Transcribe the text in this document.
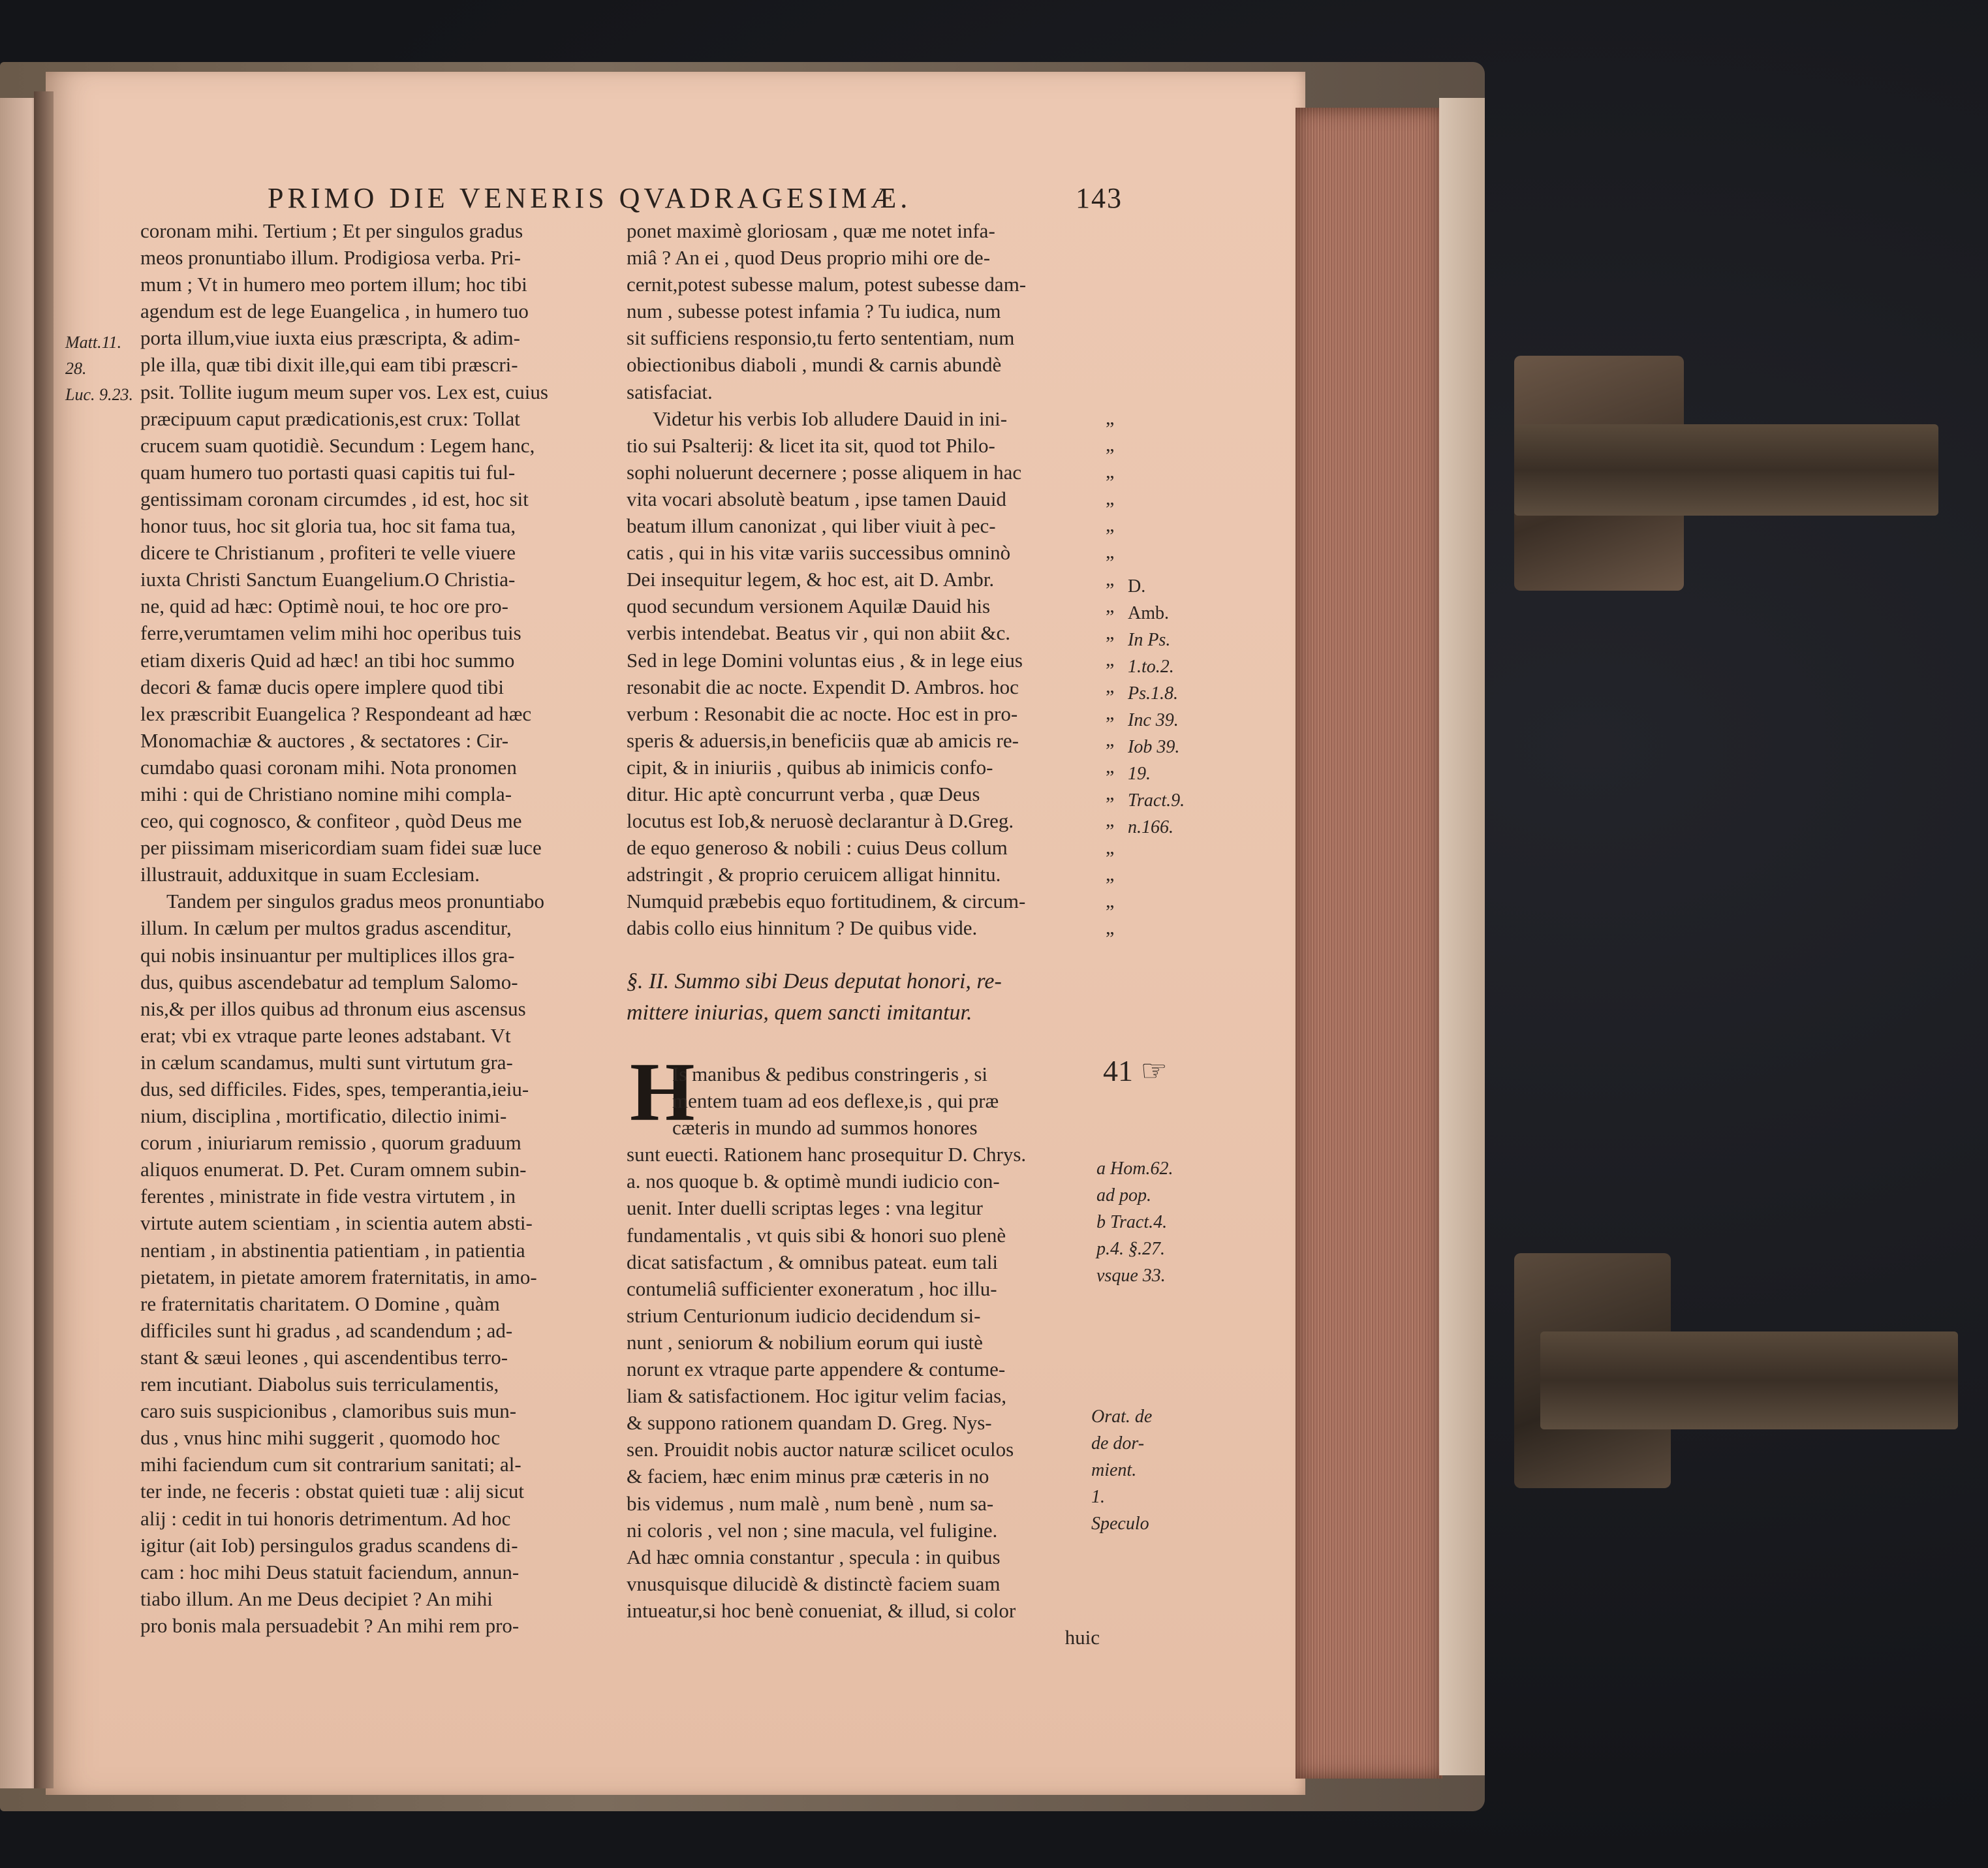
PRIMO DIE VENERIS QVADRAGESIMÆ.	143

Matt.11.

28.

Luc. 9.23.

coronam mihi. Tertium ; Et per singulos gradus

meos pronuntiabo illum. Prodigiosa verba. Pri-

mum ; Vt in humero meo portem illum; hoc tibi

agendum est de lege Euangelica , in humero tuo

porta illum,viue iuxta eius præscripta, & adim-

ple illa, quæ tibi dixit ille,qui eam tibi præscri-

psit. Tollite iugum meum super vos. Lex est, cuius

præcipuum caput prædicationis,est crux: Tollat

crucem suam quotidiè. Secundum : Legem hanc,

quam humero tuo portasti quasi capitis tui ful-

gentissimam coronam circumdes , id est, hoc sit

honor tuus, hoc sit gloria tua, hoc sit fama tua,

dicere te Christianum , profiteri te velle viuere

iuxta Christi Sanctum Euangelium.O Christia-

ne, quid ad hæc: Optimè noui, te hoc ore pro-

ferre,verumtamen velim mihi hoc operibus tuis

etiam dixeris Quid ad hæc! an tibi hoc summo

decori & famæ ducis opere implere quod tibi

lex præscribit Euangelica ? Respondeant ad hæc

Monomachiæ & auctores , & sectatores : Cir-

cumdabo quasi coronam mihi. Nota pronomen

mihi : qui de Christiano nomine mihi compla-

ceo, qui cognosco, & confiteor , quòd Deus me

per piissimam misericordiam suam fidei suæ luce

illustrauit, adduxitque in suam Ecclesiam.

Tandem per singulos gradus meos pronuntiabo

illum. In cælum per multos gradus ascenditur,

qui nobis insinuantur per multiplices illos gra-

dus, quibus ascendebatur ad templum Salomo-

nis,& per illos quibus ad thronum eius ascensus

erat; vbi ex vtraque parte leones adstabant. Vt

in cælum scandamus, multi sunt virtutum gra-

dus, sed difficiles. Fides, spes, temperantia,ieiu-

nium, disciplina , mortificatio, dilectio inimi-

corum , iniuriarum remissio , quorum graduum

aliquos enumerat. D. Pet. Curam omnem subin-

ferentes , ministrate in fide vestra virtutem , in

virtute autem scientiam , in scientia autem absti-

nentiam , in abstinentia patientiam , in patientia

pietatem, in pietate amorem fraternitatis, in amo-

re fraternitatis charitatem. O Domine , quàm

difficiles sunt hi gradus , ad scandendum ; ad-

stant & sæui leones , qui ascendentibus terro-

rem incutiant. Diabolus suis terriculamentis,

caro suis suspicionibus , clamoribus suis mun-

dus , vnus hinc mihi suggerit , quomodo hoc

mihi faciendum cum sit contrarium sanitati; al-

ter inde, ne feceris : obstat quieti tuæ : alij sicut

alij : cedit in tui honoris detrimentum. Ad hoc

igitur (ait Iob) persingulos gradus scandens di-

cam : hoc mihi Deus statuit faciendum, annun-

tiabo illum. An me Deus decipiet ? An mihi

pro bonis mala persuadebit ? An mihi rem pro-

ponet maximè gloriosam , quæ me notet infa-

miâ ? An ei , quod Deus proprio mihi ore de-

cernit,potest subesse malum, potest subesse dam-

num , subesse potest infamia ? Tu iudica, num

sit sufficiens responsio,tu ferto sententiam, num

obiectionibus diaboli , mundi & carnis abundè

satisfaciat.

Videtur his verbis Iob alludere Dauid in ini-

tio sui Psalterij: & licet ita sit, quod tot Philo-

sophi noluerunt decernere ; posse aliquem in hac

vita vocari absolutè beatum , ipse tamen Dauid

beatum illum canonizat , qui liber viuit à pec-

catis , qui in his vitæ variis successibus omninò

Dei insequitur legem, & hoc est, ait D. Ambr.

quod secundum versionem Aquilæ Dauid his

verbis intendebat. Beatus vir , qui non abiit &c.

Sed in lege Domini voluntas eius , & in lege eius

resonabit die ac nocte. Expendit D. Ambros. hoc

verbum : Resonabit die ac nocte. Hoc est in pro-

speris & aduersis,in beneficiis quæ ab amicis re-

cipit, & in iniuriis , quibus ab inimicis confo-

ditur. Hic aptè concurrunt verba , quæ Deus

locutus est Iob,& neruosè declarantur à D.Greg.

de equo generoso & nobili : cuius Deus collum

adstringit , & proprio ceruicem alligat hinnitu.

Numquid præbebis equo fortitudinem, & circum-

dabis collo eius hinnitum ? De quibus vide.

„

„

„

„

„

„

„

„

„

„

„

„

„

„

„

„

„

„

„

„

D.

Amb.

In Ps.

1.to.2.

Ps.1.8.

Inc 39.

Iob 39.

19.

Tract.9.

n.166.

§. II. Summo sibi Deus deputat honori, re-
mittere iniurias, quem sancti imitantur.
H

Is manibus & pedibus constringeris , si

mentem tuam ad eos deflexe,is , qui præ

cæteris in mundo ad summos honores

sunt euecti. Rationem hanc prosequitur D. Chrys.

a. nos quoque b. & optimè mundi iudicio con-

uenit. Inter duelli scriptas leges : vna legitur

fundamentalis , vt quis sibi & honori suo plenè

dicat satisfactum , & omnibus pateat. eum tali

contumeliâ sufficienter exoneratum , hoc illu-

strium Centurionum iudicio decidendum si-

nunt , seniorum & nobilium eorum qui iustè

norunt ex vtraque parte appendere & contume-

liam & satisfactionem. Hoc igitur velim facias,

& suppono rationem quandam D. Greg. Nys-

sen. Prouidit nobis auctor naturæ scilicet oculos

& faciem, hæc enim minus præ cæteris in no

bis videmus , num malè , num benè , num sa-

ni coloris , vel non ; sine macula, vel fuligine.

Ad hæc omnia constantur , specula : in quibus

vnusquisque dilucidè & distinctè faciem suam

intueatur,si hoc benè conueniat, & illud, si color

huic

41 ☞

a Hom.62.

ad pop.

b Tract.4.

p.4. §.27.

vsque 33.

Orat. de

de dor-

mient.

1.

Speculo
